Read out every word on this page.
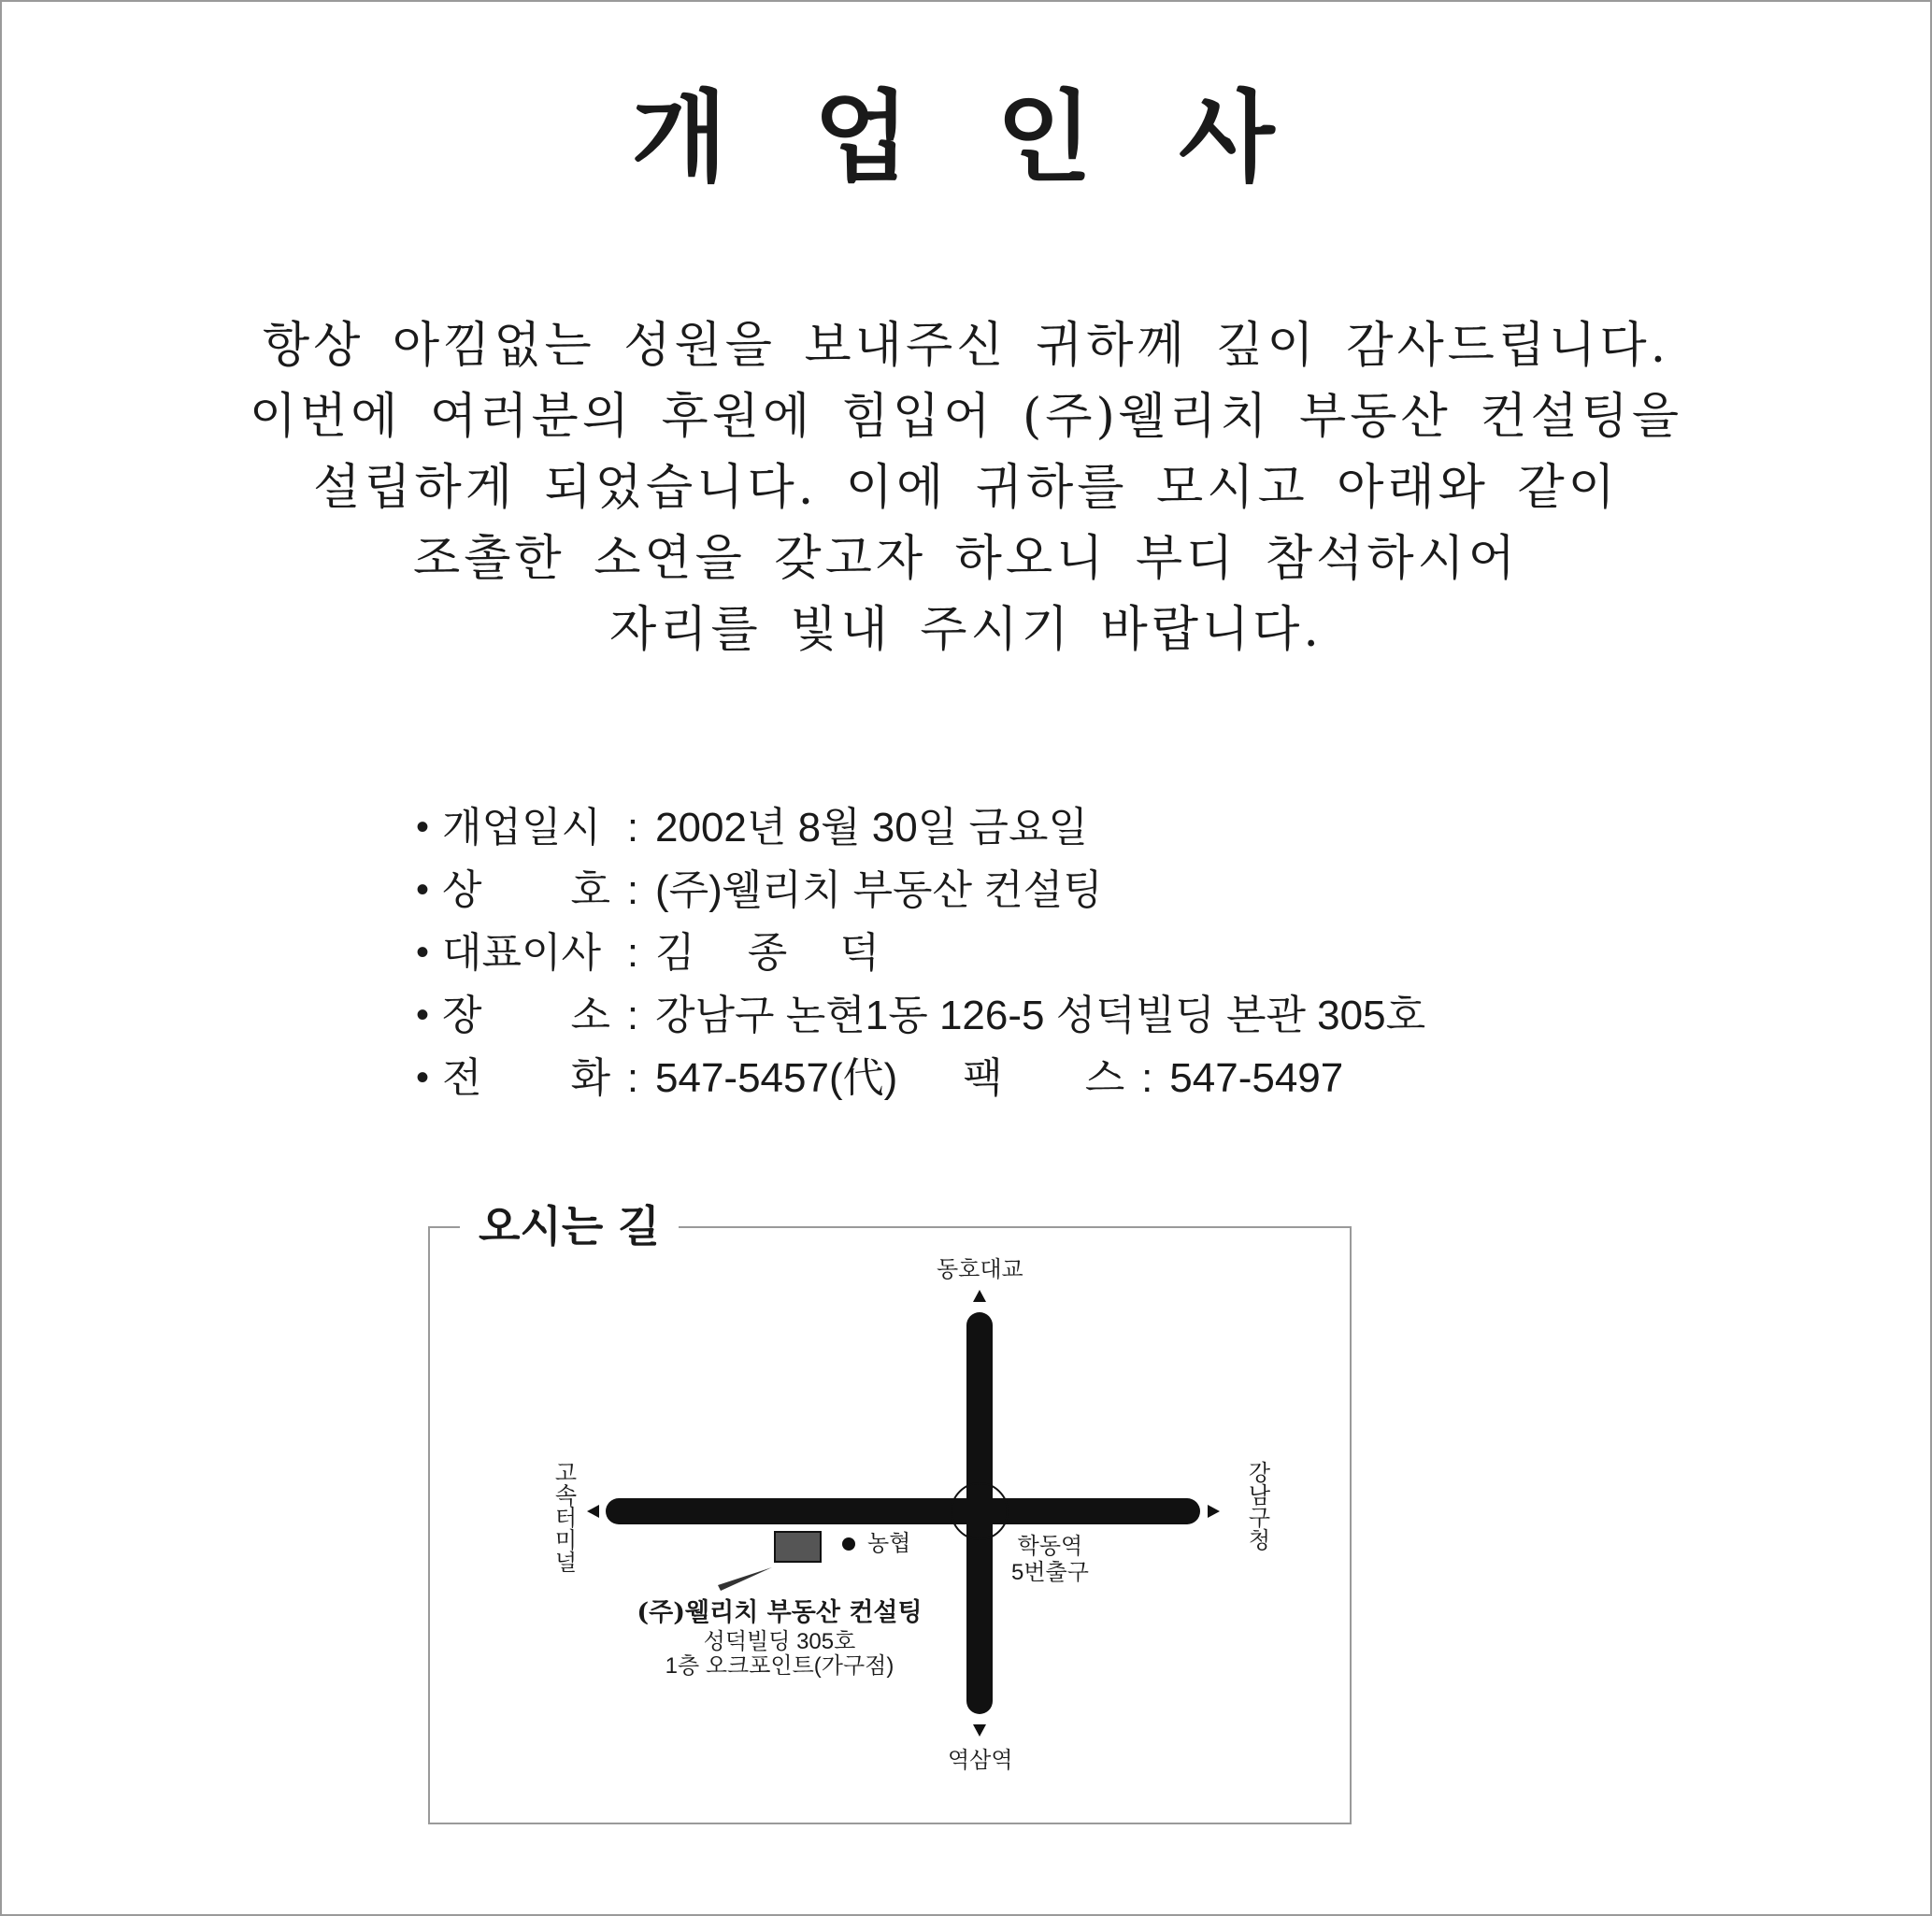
개 업 인 사
항상 아낌없는 성원을 보내주신 귀하께 깊이 감사드립니다.
이번에 여러분의 후원에 힘입어 (주)웰리치 부동산 컨설팅을
설립하게 되었습니다. 이에 귀하를 모시고 아래와 같이
조촐한 소연을 갖고자 하오니 부디 참석하시어
자리를 빛내 주시기 바랍니다.
• 개업일시 : 2002년 8월 30일 금요일
• 상 호 : (주)웰리치 부동산 컨설팅
• 대표이사 : 김　 종　 덕
• 장 소 : 강남구 논현1동 126-5 성덕빌딩 본관 305호
• 전 화 : 547-5457(代) 팩　　스 : 547-5497
오시는 길
동호대교
역삼역
고속터미널	강남구청
농협	학동역
5번출구
(주)웰리치 부동산 컨설팅
성덕빌딩 305호
1층 오크포인트(가구점)
